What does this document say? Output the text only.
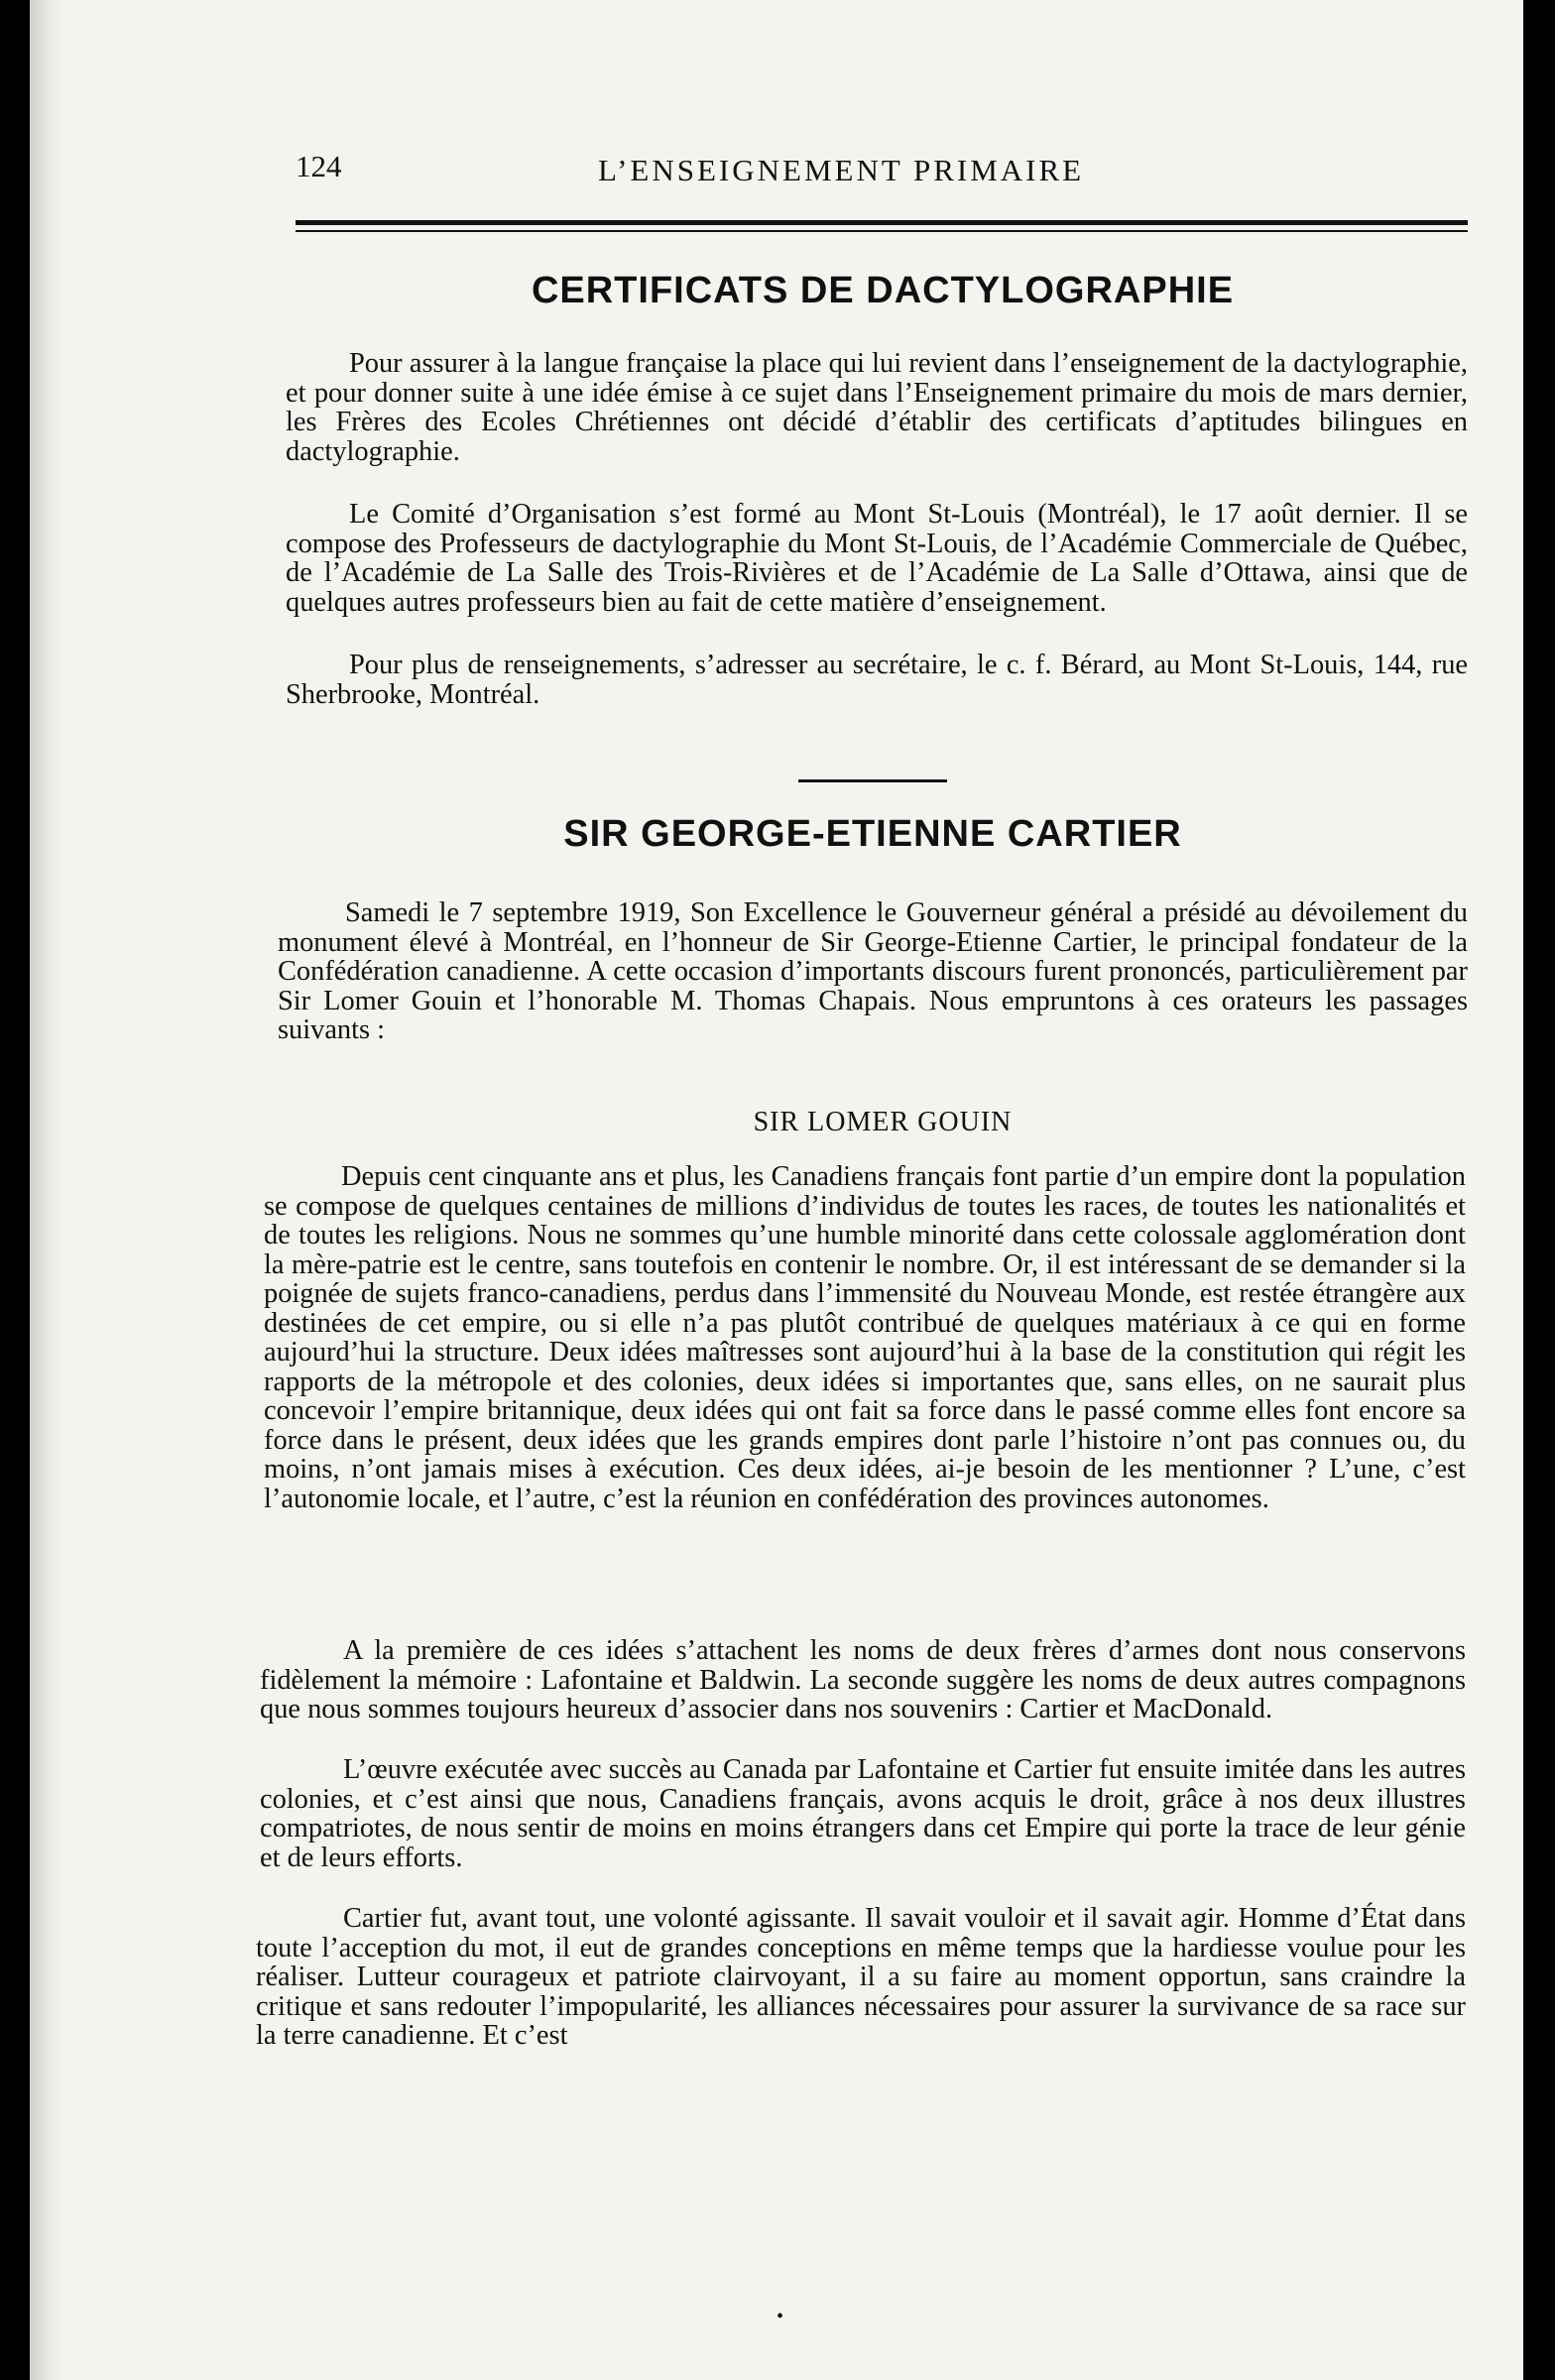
124	L’ENSEIGNEMENT PRIMAIRE
CERTIFICATS DE DACTYLOGRAPHIE

Pour assurer à la langue française la place qui lui revient dans l’enseignement de la dactylographie, et pour donner suite à une idée émise à ce sujet dans l’Enseignement primaire du mois de mars dernier, les Frères des Ecoles Chrétiennes ont décidé d’établir des certificats d’aptitudes bilingues en dactylographie.

Le Comité d’Organisation s’est formé au Mont St-Louis (Montréal), le 17 août dernier. Il se compose des Professeurs de dactylographie du Mont St-Louis, de l’Académie Commerciale de Québec, de l’Académie de La Salle des Trois-Rivières et de l’Académie de La Salle d’Ottawa, ainsi que de quelques autres professeurs bien au fait de cette matière d’enseignement.

Pour plus de renseignements, s’adresser au secrétaire, le c. f. Bérard, au Mont St-Louis, 144, rue Sherbrooke, Montréal.

SIR GEORGE-ETIENNE CARTIER

Samedi le 7 septembre 1919, Son Excellence le Gouverneur général a présidé au dévoilement du monument élevé à Montréal, en l’honneur de Sir George-Etienne Cartier, le principal fondateur de la Confédération canadienne. A cette occasion d’importants discours furent prononcés, particulièrement par Sir Lomer Gouin et l’honorable M. Thomas Chapais. Nous empruntons à ces orateurs les passages suivants :

SIR LOMER GOUIN

Depuis cent cinquante ans et plus, les Canadiens français font partie d’un empire dont la population se compose de quelques centaines de millions d’individus de toutes les races, de toutes les nationalités et de toutes les religions. Nous ne sommes qu’une humble minorité dans cette colossale agglomération dont la mère-patrie est le centre, sans toutefois en contenir le nombre. Or, il est intéressant de se demander si la poignée de sujets franco-canadiens, perdus dans l’immensité du Nouveau Monde, est restée étrangère aux destinées de cet empire, ou si elle n’a pas plutôt contribué de quelques matériaux à ce qui en forme aujourd’hui la structure. Deux idées maîtresses sont aujourd’hui à la base de la constitution qui régit les rapports de la métropole et des colonies, deux idées si importantes que, sans elles, on ne saurait plus concevoir l’empire britannique, deux idées qui ont fait sa force dans le passé comme elles font encore sa force dans le présent, deux idées que les grands empires dont parle l’histoire n’ont pas connues ou, du moins, n’ont jamais mises à exécution. Ces deux idées, ai-je besoin de les mentionner ? L’une, c’est l’autonomie locale, et l’autre, c’est la réunion en confédération des provinces autonomes.

A la première de ces idées s’attachent les noms de deux frères d’armes dont nous conservons fidèlement la mémoire : Lafontaine et Baldwin. La seconde suggère les noms de deux autres compagnons que nous sommes toujours heureux d’associer dans nos souvenirs : Cartier et MacDonald.

L’œuvre exécutée avec succès au Canada par Lafontaine et Cartier fut ensuite imitée dans les autres colonies, et c’est ainsi que nous, Canadiens français, avons acquis le droit, grâce à nos deux illustres compatriotes, de nous sentir de moins en moins étrangers dans cet Empire qui porte la trace de leur génie et de leurs efforts.

Cartier fut, avant tout, une volonté agissante. Il savait vouloir et il savait agir. Homme d’État dans toute l’acception du mot, il eut de grandes conceptions en même temps que la hardiesse voulue pour les réaliser. Lutteur courageux et patriote clairvoyant, il a su faire au moment opportun, sans craindre la critique et sans redouter l’impopularité, les alliances nécessaires pour assurer la survivance de sa race sur la terre canadienne. Et c’est

•
